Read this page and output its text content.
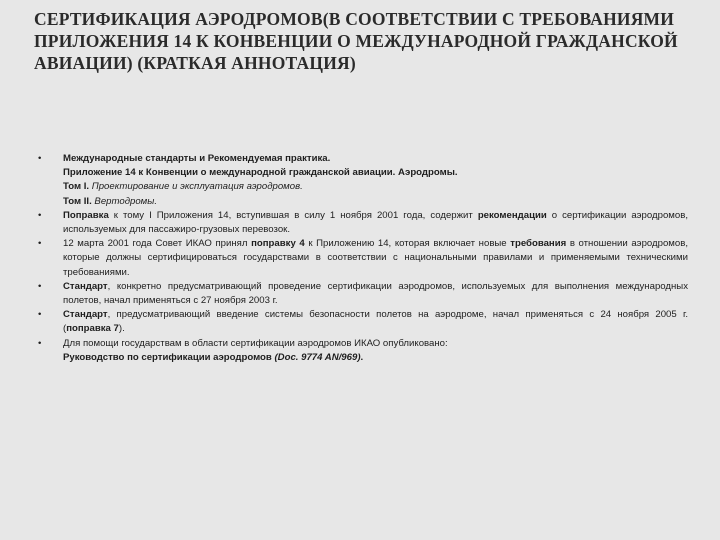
СЕРТИФИКАЦИЯ АЭРОДРОМОВ(В СООТВЕТСТВИИ С ТРЕБОВАНИЯМИ ПРИЛОЖЕНИЯ 14 К КОНВЕНЦИИ О МЕЖДУНАРОДНОЙ ГРАЖДАНСКОЙ АВИАЦИИ) (КРАТКАЯ АННОТАЦИЯ)
• Международные стандарты и Рекомендуемая практика.
Приложение 14 к Конвенции о международной гражданской авиации. Аэродромы.
Том I. Проектирование и эксплуатация аэродромов.
Том II. Вертодромы.
• Поправка к тому I Приложения 14, вступившая в силу 1 ноября 2001 года, содержит рекомендации о сертификации аэродромов, используемых для пассажиро-грузовых перевозок.
• 12 марта 2001 года Совет ИКАО принял поправку 4 к Приложению 14, которая включает новые требования в отношении аэродромов, которые должны сертифицироваться государствами в соответствии с национальными правилами и применяемыми техническими требованиями.
• Стандарт, конкретно предусматривающий проведение сертификации аэродромов, используемых для выполнения международных полетов, начал применяться с 27 ноября 2003 г.
• Стандарт, предусматривающий введение системы безопасности полетов на аэродроме, начал применяться с 24 ноября 2005 г. (поправка 7).
• Для помощи государствам в области сертификации аэродромов ИКАО опубликовано:
Руководство по сертификации аэродромов (Doc. 9774 AN/969).
